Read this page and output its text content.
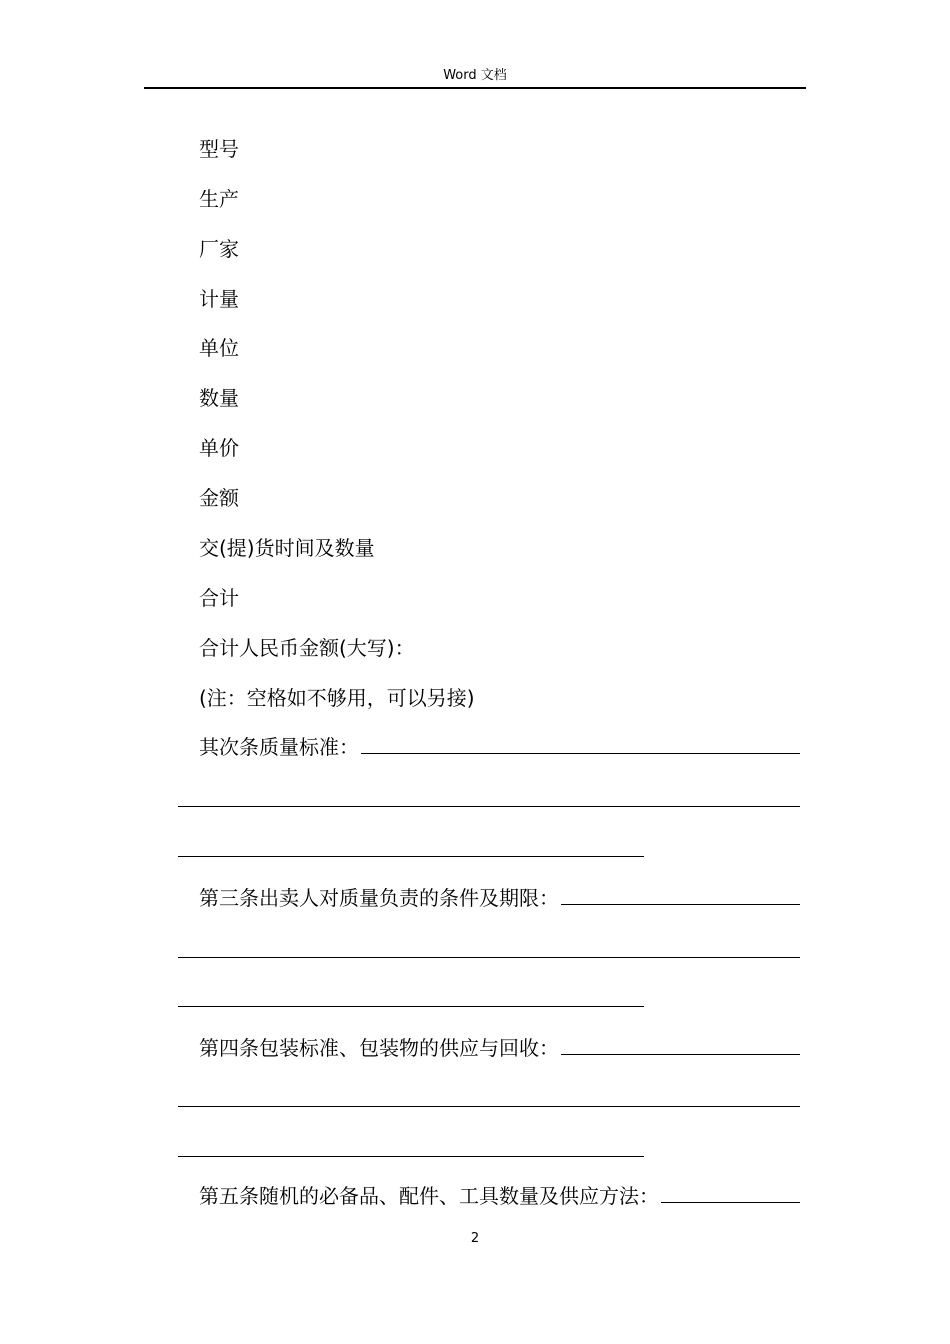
Word 文档
型号
生产
厂家
计量
单位
数量
单价
金额
交(提)货时间及数量
合计
合计人民币金额(大写)：
(注：空格如不够用，可以另接)
其次条质量标准：
第三条出卖人对质量负责的条件及期限：
第四条包装标准、包装物的供应与回收：
第五条随机的必备品、配件、工具数量及供应方法：
2
